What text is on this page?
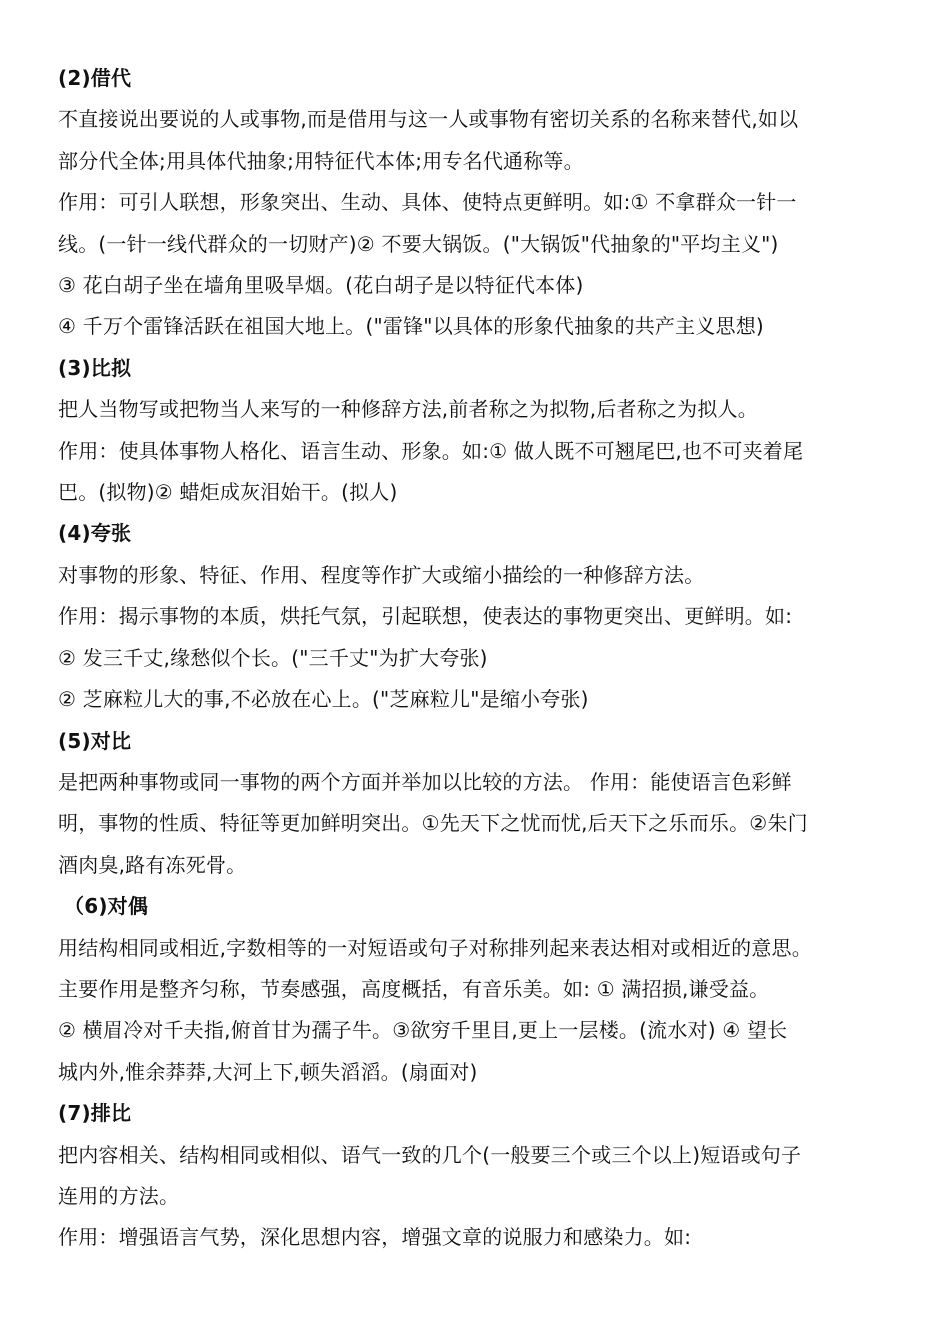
(2)借代
不直接说出要说的人或事物,而是借用与这一人或事物有密切关系的名称来替代,如以
部分代全体;用具体代抽象;用特征代本体;用专名代通称等。
作用：可引人联想，形象突出、生动、具体、使特点更鲜明。如:① 不拿群众一针一
线。(一针一线代群众的一切财产)② 不要大锅饭。("大锅饭"代抽象的"平均主义")
③ 花白胡子坐在墙角里吸旱烟。(花白胡子是以特征代本体)
④ 千万个雷锋活跃在祖国大地上。("雷锋"以具体的形象代抽象的共产主义思想)
(3)比拟
把人当物写或把物当人来写的一种修辞方法,前者称之为拟物,后者称之为拟人。
作用：使具体事物人格化、语言生动、形象。如:① 做人既不可翘尾巴,也不可夹着尾
巴。(拟物)② 蜡炬成灰泪始干。(拟人)
(4)夸张
对事物的形象、特征、作用、程度等作扩大或缩小描绘的一种修辞方法。
作用：揭示事物的本质，烘托气氛，引起联想，使表达的事物更突出、更鲜明。如:
② 发三千丈,缘愁似个长。("三千丈"为扩大夸张)
② 芝麻粒儿大的事,不必放在心上。("芝麻粒儿"是缩小夸张)
(5)对比
是把两种事物或同一事物的两个方面并举加以比较的方法。 作用：能使语言色彩鲜
明，事物的性质、特征等更加鲜明突出。①先天下之忧而忧,后天下之乐而乐。②朱门
酒肉臭,路有冻死骨。
（6)对偶
用结构相同或相近,字数相等的一对短语或句子对称排列起来表达相对或相近的意思。
主要作用是整齐匀称，节奏感强，高度概括，有音乐美。如: ① 满招损,谦受益。
② 横眉冷对千夫指,俯首甘为孺子牛。③欲穷千里目,更上一层楼。(流水对) ④ 望长
城内外,惟余莽莽,大河上下,顿失滔滔。(扇面对)
(7)排比
把内容相关、结构相同或相似、语气一致的几个(一般要三个或三个以上)短语或句子
连用的方法。
作用：增强语言气势，深化思想内容，增强文章的说服力和感染力。如:
